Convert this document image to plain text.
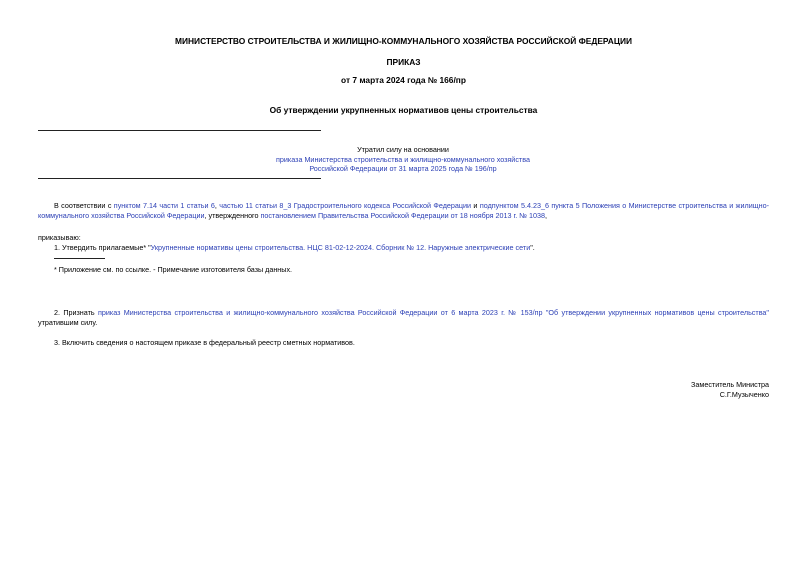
МИНИСТЕРСТВО СТРОИТЕЛЬСТВА И ЖИЛИЩНО-КОММУНАЛЬНОГО ХОЗЯЙСТВА РОССИЙСКОЙ ФЕДЕРАЦИИ
ПРИКАЗ
от 7 марта 2024 года № 166/пр
Об утверждении укрупненных нормативов цены строительства
Утратил силу на основании
приказа Министерства строительства и жилищно-коммунального хозяйства
Российской Федерации от 31 марта 2025 года № 196/пр
В соответствии с пунктом 7.14 части 1 статьи 6, частью 11 статьи 8_3 Градостроительного кодекса Российской Федерации и подпунктом 5.4.23_6 пункта 5 Положения о Министерстве строительства и жилищно-коммунального хозяйства Российской Федерации, утвержденного постановлением Правительства Российской Федерации от 18 ноября 2013 г. № 1038,
приказываю:
1. Утвердить прилагаемые* "Укрупненные нормативы цены строительства. НЦС 81-02-12-2024. Сборник № 12. Наружные электрические сети".
* Приложение см. по ссылке. - Примечание изготовителя базы данных.
2. Признать приказ Министерства строительства и жилищно-коммунального хозяйства Российской Федерации от 6 марта 2023 г. № 153/пр "Об утверждении укрупненных нормативов цены строительства" утратившим силу.
3. Включить сведения о настоящем приказе в федеральный реестр сметных нормативов.
Заместитель Министра
С.Г.Музыченко
